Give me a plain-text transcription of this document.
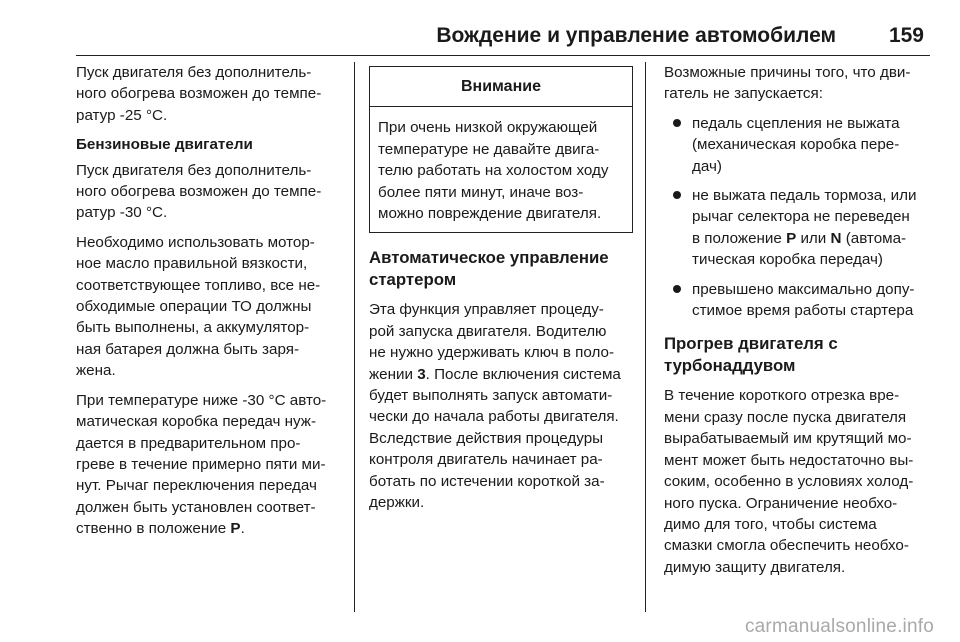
Вождение и управление автомобилем	159
Пуск двигателя без дополнитель-
ного обогрева возможен до темпе-
ратур -25 °C.
Бензиновые двигатели
Пуск двигателя без дополнитель-
ного обогрева возможен до темпе-
ратур -30 °C.
Необходимо использовать мотор-
ное масло правильной вязкости,
соответствующее топливо, все не-
обходимые операции ТО должны
быть выполнены, а аккумулятор-
ная батарея должна быть заря-
жена.
При температуре ниже -30 °C авто-
матическая коробка передач нуж-
дается в предварительном про-
греве в течение примерно пяти ми-
нут. Рычаг переключения передач
должен быть установлен соответ-
ственно в положение P.
Внимание
При очень низкой окружающей
температуре не давайте двига-
телю работать на холостом ходу
более пяти минут, иначе воз-
можно повреждение двигателя.
Автоматическое управление
стартером
Эта функция управляет процеду-
рой запуска двигателя. Водителю
не нужно удерживать ключ в поло-
жении 3. После включения система
будет выполнять запуск автомати-
чески до начала работы двигателя.
Вследствие действия процедуры
контроля двигатель начинает ра-
ботать по истечении короткой за-
держки.
Возможные причины того, что дви-
гатель не запускается:
педаль сцепления не выжата
(механическая коробка пере-
дач)
не выжата педаль тормоза, или
рычаг селектора не переведен
в положение P или N (автома-
тическая коробка передач)
превышено максимально допу-
стимое время работы стартера
Прогрев двигателя с
турбонаддувом
В течение короткого отрезка вре-
мени сразу после пуска двигателя
вырабатываемый им крутящий мо-
мент может быть недостаточно вы-
соким, особенно в условиях холод-
ного пуска. Ограничение необхо-
димо для того, чтобы система
смазки смогла обеспечить необхо-
димую защиту двигателя.
carmanualsonline.info
